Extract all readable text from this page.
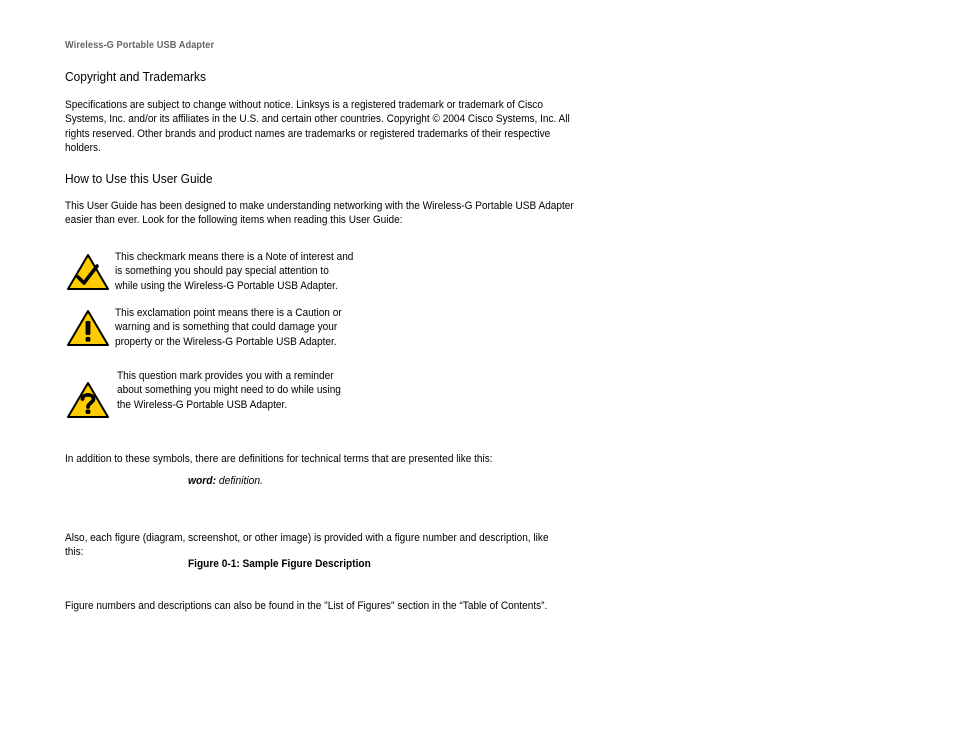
Wireless-G Portable USB Adapter
Copyright and Trademarks
Specifications are subject to change without notice. Linksys is a registered trademark or trademark of Cisco
Systems, Inc. and/or its affiliates in the U.S. and certain other countries. Copyright © 2004 Cisco Systems, Inc. All
rights reserved. Other brands and product names are trademarks or registered trademarks of their respective
holders.
How to Use this User Guide
This User Guide has been designed to make understanding networking with the Wireless-G Portable USB Adapter
easier than ever. Look for the following items when reading this User Guide:
This checkmark means there is a Note of interest and
is something you should pay special attention to
while using the Wireless-G Portable USB Adapter.
This exclamation point means there is a Caution or
warning and is something that could damage your
property or the Wireless-G Portable USB Adapter.
This question mark provides you with a reminder
about something you might need to do while using
the Wireless-G Portable USB Adapter.
In addition to these symbols, there are definitions for technical terms that are presented like this:
word: definition.
Also, each figure (diagram, screenshot, or other image) is provided with a figure number and description, like
this:
Figure 0-1: Sample Figure Description
Figure numbers and descriptions can also be found in the "List of Figures" section in the “Table of Contents”.
